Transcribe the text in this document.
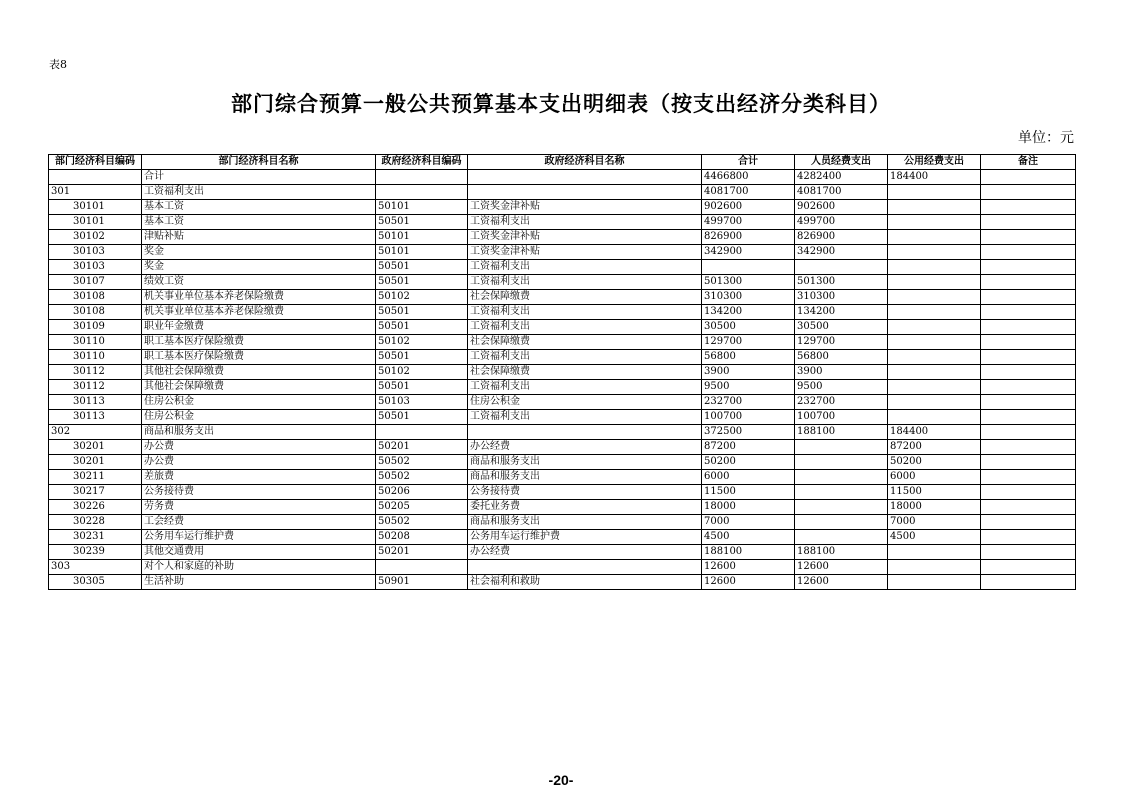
表8
部门综合预算一般公共预算基本支出明细表（按支出经济分类科目）
单位：元
部门经济科目编码	部门经济科目名称	政府经济科目编码	政府经济科目名称	合计	人员经费支出	公用经费支出	备注
	合计			4466800	4282400	184400	
301	工资福利支出			4081700	4081700		
30101	基本工资	50101	工资奖金津补贴	902600	902600		
30101	基本工资	50501	工资福利支出	499700	499700		
30102	津贴补贴	50101	工资奖金津补贴	826900	826900		
30103	奖金	50101	工资奖金津补贴	342900	342900		
30103	奖金	50501	工资福利支出				
30107	绩效工资	50501	工资福利支出	501300	501300		
30108	机关事业单位基本养老保险缴费	50102	社会保障缴费	310300	310300		
30108	机关事业单位基本养老保险缴费	50501	工资福利支出	134200	134200		
30109	职业年金缴费	50501	工资福利支出	30500	30500		
30110	职工基本医疗保险缴费	50102	社会保障缴费	129700	129700		
30110	职工基本医疗保险缴费	50501	工资福利支出	56800	56800		
30112	其他社会保障缴费	50102	社会保障缴费	3900	3900		
30112	其他社会保障缴费	50501	工资福利支出	9500	9500		
30113	住房公积金	50103	住房公积金	232700	232700		
30113	住房公积金	50501	工资福利支出	100700	100700		
302	商品和服务支出			372500	188100	184400	
30201	办公费	50201	办公经费	87200		87200	
30201	办公费	50502	商品和服务支出	50200		50200	
30211	差旅费	50502	商品和服务支出	6000		6000	
30217	公务接待费	50206	公务接待费	11500		11500	
30226	劳务费	50205	委托业务费	18000		18000	
30228	工会经费	50502	商品和服务支出	7000		7000	
30231	公务用车运行维护费	50208	公务用车运行维护费	4500		4500	
30239	其他交通费用	50201	办公经费	188100	188100		
303	对个人和家庭的补助			12600	12600		
30305	生活补助	50901	社会福利和救助	12600	12600		
-20-
